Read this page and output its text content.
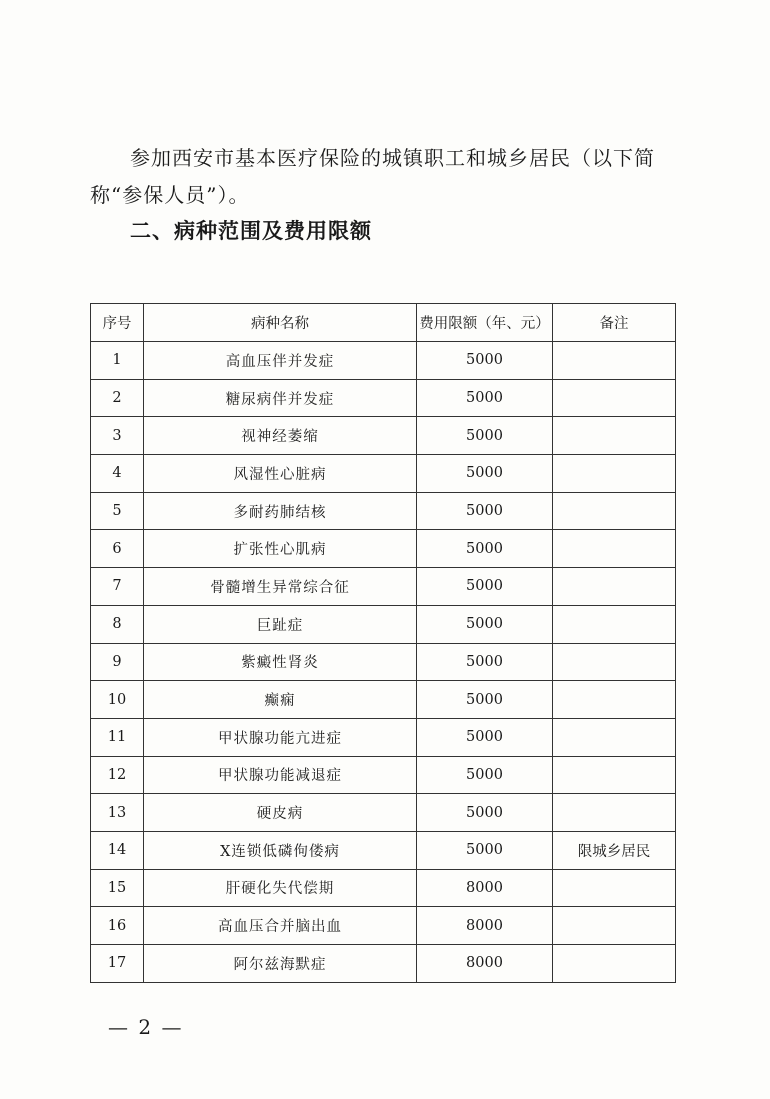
参加西安市基本医疗保险的城镇职工和城乡居民（以下简称“参保人员”）。

二、病种范围及费用限额
序号	病种名称	费用限额（年、元）	备注
1	高血压伴并发症	5000	
2	糖尿病伴并发症	5000	
3	视神经萎缩	5000	
4	风湿性心脏病	5000	
5	多耐药肺结核	5000	
6	扩张性心肌病	5000	
7	骨髓增生异常综合征	5000	
8	巨趾症	5000	
9	紫癜性肾炎	5000	
10	癫痫	5000	
11	甲状腺功能亢进症	5000	
12	甲状腺功能减退症	5000	
13	硬皮病	5000	
14	X连锁低磷佝偻病	5000	限城乡居民
15	肝硬化失代偿期	8000	
16	高血压合并脑出血	8000	
17	阿尔兹海默症	8000	

— 2 —
